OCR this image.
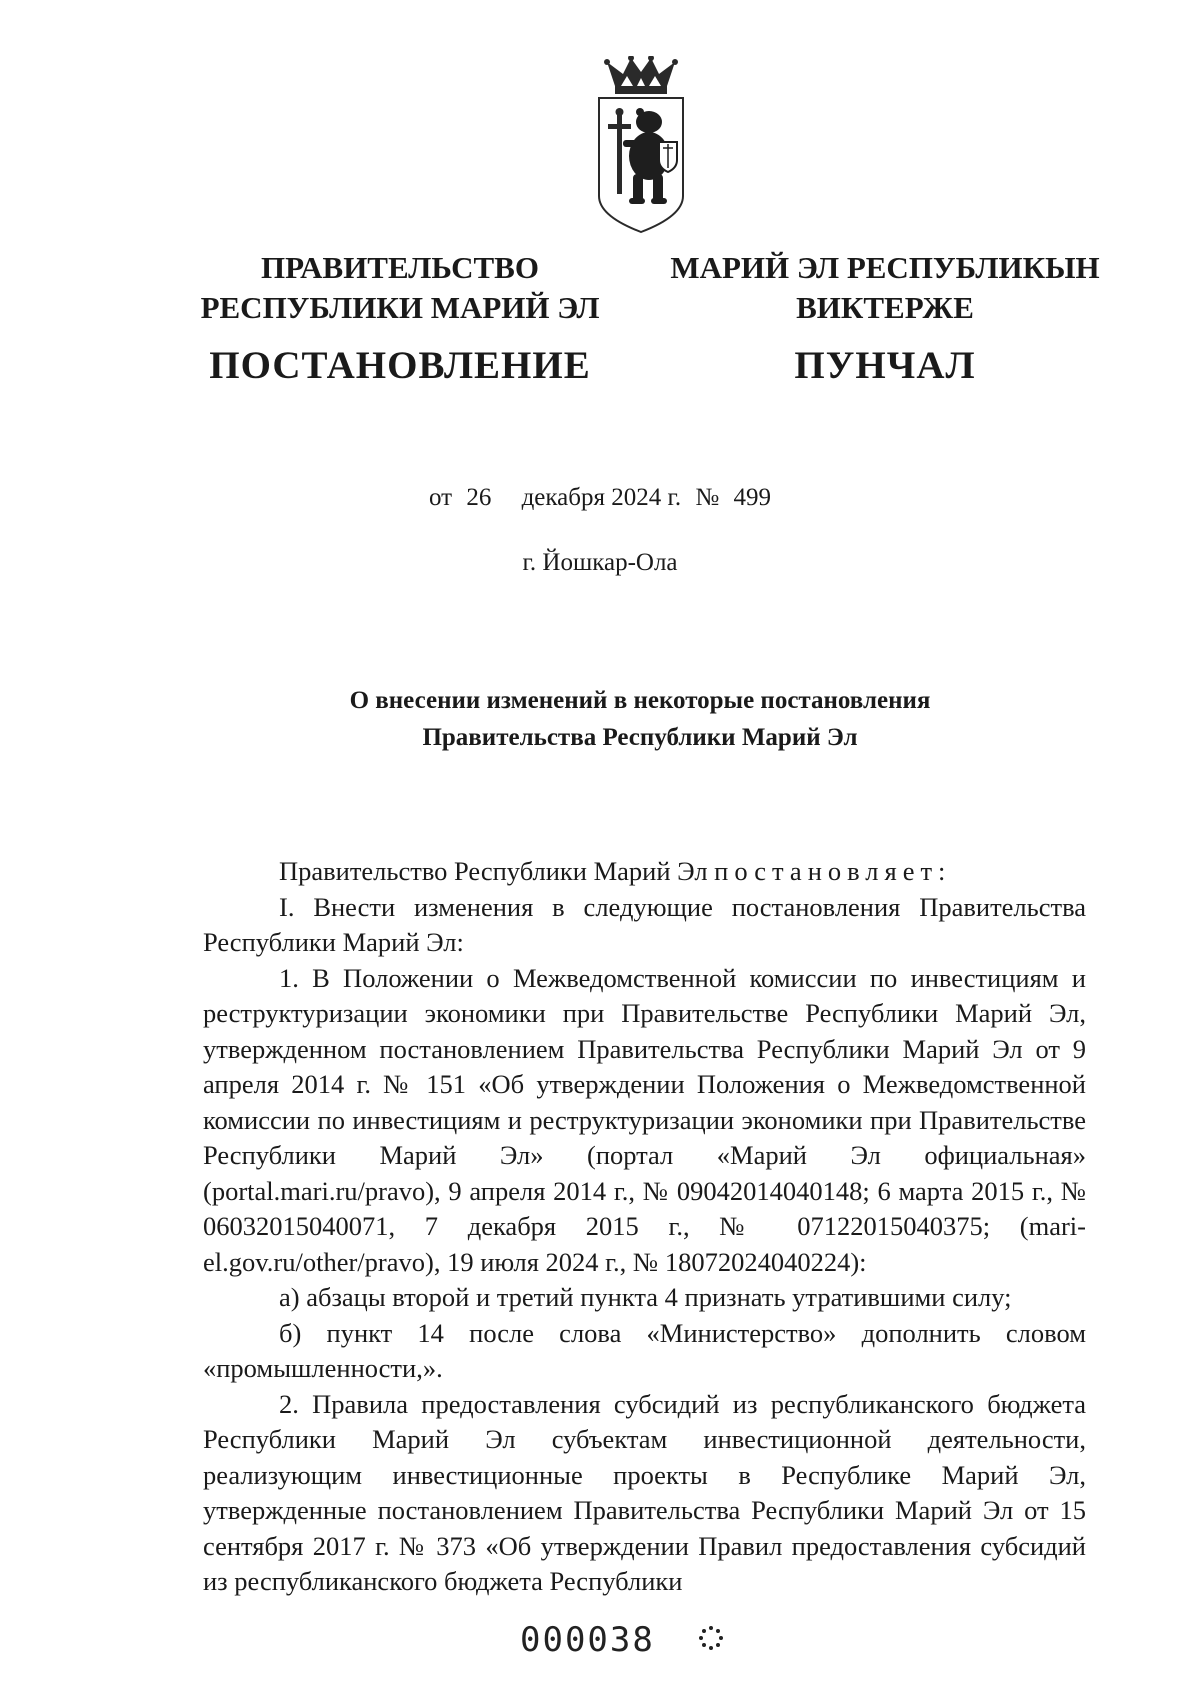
ПРАВИТЕЛЬСТВО
РЕСПУБЛИКИ МАРИЙ ЭЛ
ПОСТАНОВЛЕНИЕ
МАРИЙ ЭЛ РЕСПУБЛИКЫН
ВИКТЕРЖЕ
ПУНЧАЛ
от 26 декабря 2024 г. № 499
г. Йошкар-Ола
О внесении изменений в некоторые постановления
Правительства Республики Марий Эл

Правительство Республики Марий Эл постановляет:

I. Внести изменения в следующие постановления Правительства Республики Марий Эл:

1. В Положении о Межведомственной комиссии по инвестициям и реструктуризации экономики при Правительстве Республики Марий Эл, утвержденном постановлением Правительства Республики Марий Эл от 9 апреля 2014 г. № 151 «Об утверждении Положения о Межведомственной комиссии по инвестициям и реструктуризации экономики при Правительстве Республики Марий Эл» (портал «Марий Эл официальная» (portal.mari.ru/pravo), 9 апреля 2014 г., № 09042014040148; 6 марта 2015 г., № 06032015040071, 7 декабря 2015 г., № 07122015040375; (mari-el.gov.ru/other/pravo), 19 июля 2024 г., № 18072024040224):

а) абзацы второй и третий пункта 4 признать утратившими силу;

б) пункт 14 после слова «Министерство» дополнить словом «промышленности,».

2. Правила предоставления субсидий из республиканского бюджета Республики Марий Эл субъектам инвестиционной деятельности, реализующим инвестиционные проекты в Республике Марий Эл, утвержденные постановлением Правительства Республики Марий Эл от 15 сентября 2017 г. № 373 «Об утверждении Правил предоставления субсидий из республиканского бюджета Республики

000038
